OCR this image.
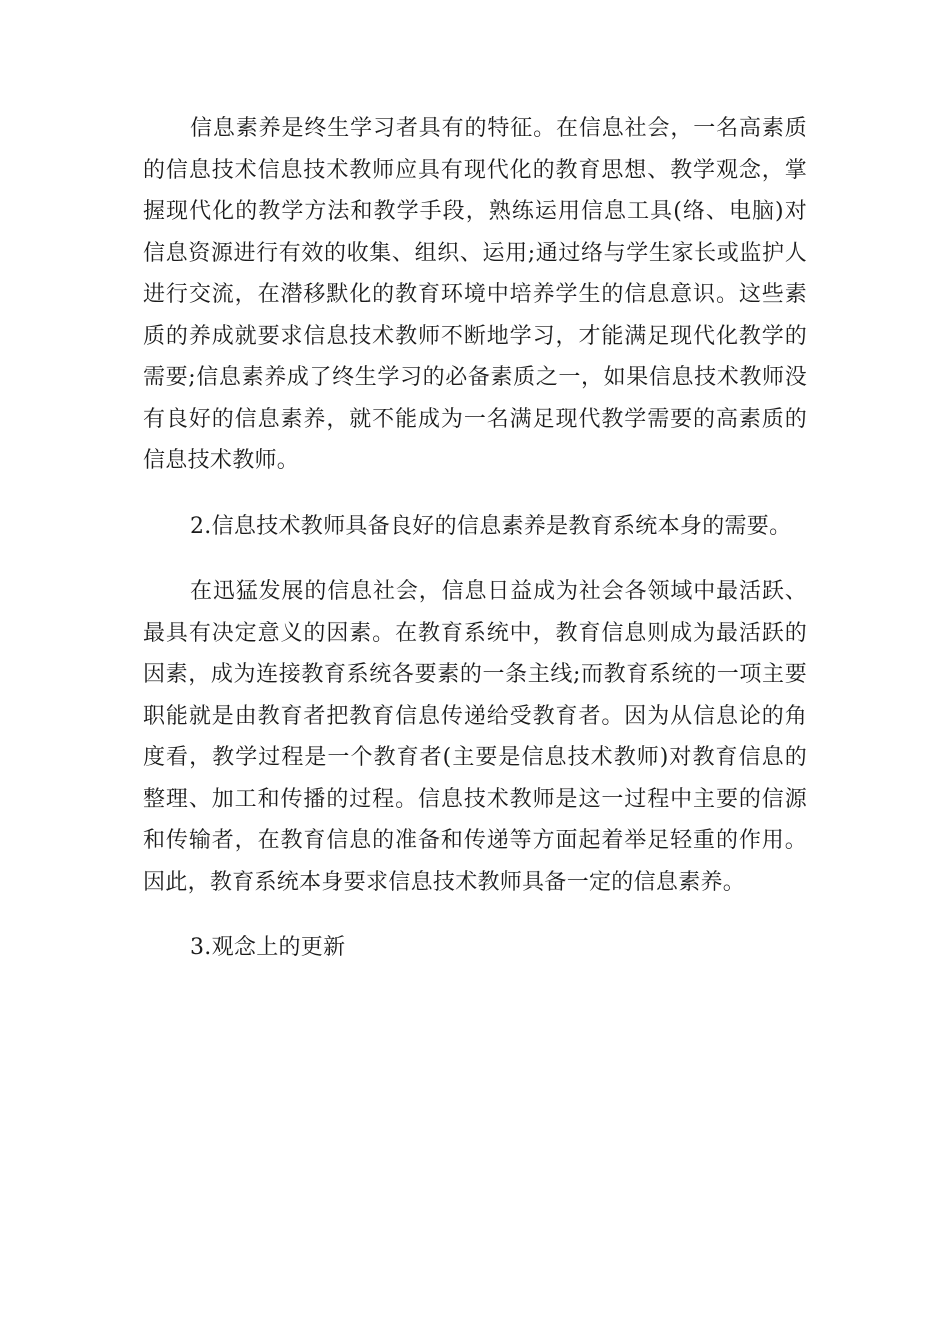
信息素养是终生学习者具有的特征。在信息社会，一名高素质的信息技术信息技术教师应具有现代化的教育思想、教学观念，掌握现代化的教学方法和教学手段，熟练运用信息工具(络、电脑)对信息资源进行有效的收集、组织、运用;通过络与学生家长或监护人进行交流，在潜移默化的教育环境中培养学生的信息意识。这些素质的养成就要求信息技术教师不断地学习，才能满足现代化教学的需要;信息素养成了终生学习的必备素质之一，如果信息技术教师没有良好的信息素养，就不能成为一名满足现代教学需要的高素质的信息技术教师。

2.信息技术教师具备良好的信息素养是教育系统本身的需要。

在迅猛发展的信息社会，信息日益成为社会各领域中最活跃、最具有决定意义的因素。在教育系统中，教育信息则成为最活跃的因素，成为连接教育系统各要素的一条主线;而教育系统的一项主要职能就是由教育者把教育信息传递给受教育者。因为从信息论的角度看，教学过程是一个教育者(主要是信息技术教师)对教育信息的整理、加工和传播的过程。信息技术教师是这一过程中主要的信源和传输者，在教育信息的准备和传递等方面起着举足轻重的作用。因此，教育系统本身要求信息技术教师具备一定的信息素养。

3.观念上的更新
